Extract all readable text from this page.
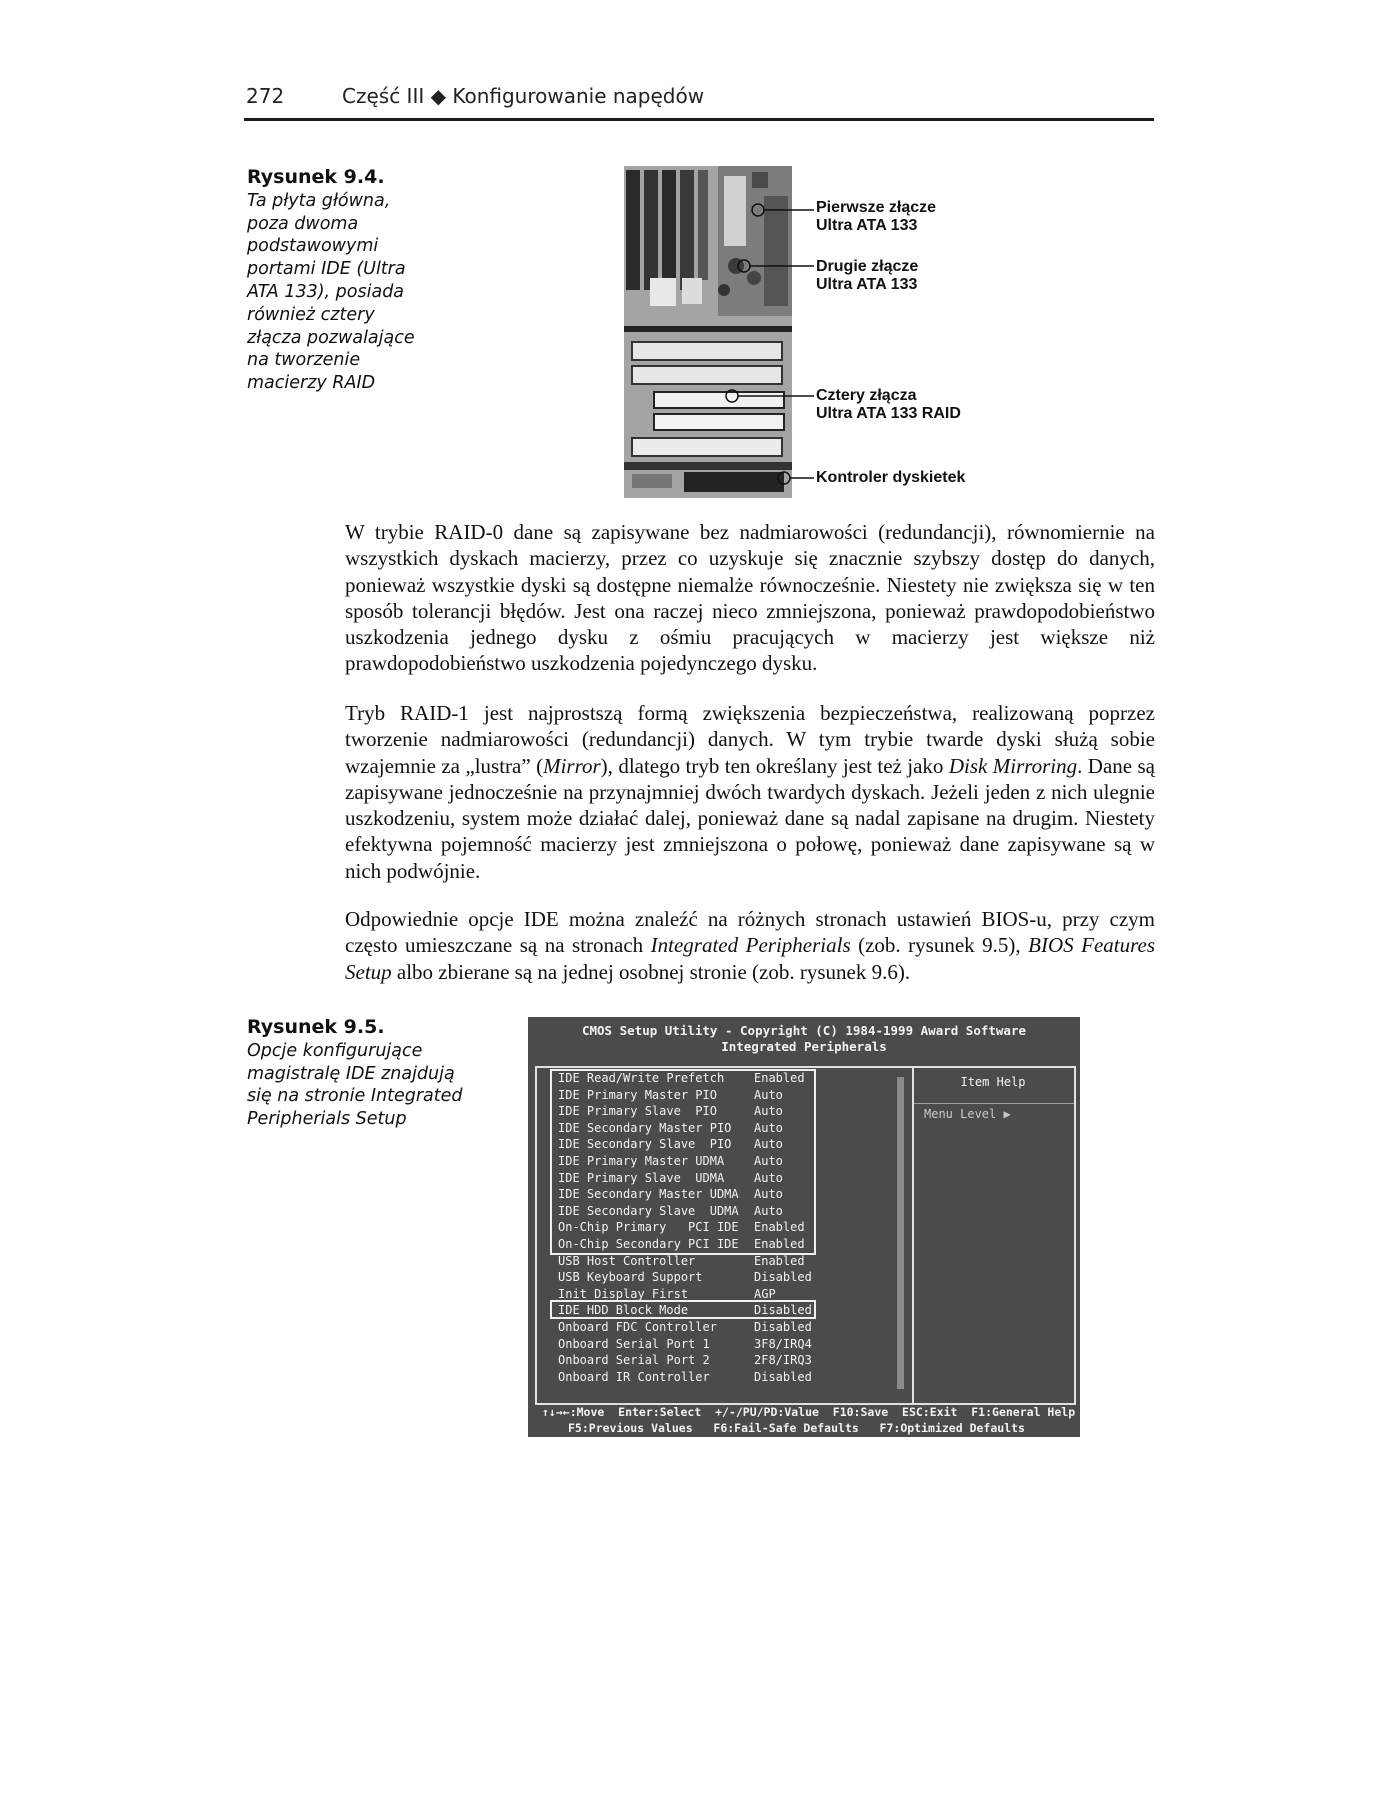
272	Część III ◆ Konfigurowanie napędów
Rysunek 9.4.
Ta płyta główna, poza dwoma podstawowymi portami IDE (Ultra ATA 133), posiada również cztery złącza pozwalające na tworzenie macierzy RAID
Pierwsze złącze
Ultra ATA 133
Drugie złącze
Ultra ATA 133
Cztery złącza
Ultra ATA 133 RAID
Kontroler dyskietek

W trybie RAID-0 dane są zapisywane bez nadmiarowości (redundancji), równomiernie na wszystkich dyskach macierzy, przez co uzyskuje się znacznie szybszy dostęp do danych, ponieważ wszystkie dyski są dostępne niemalże równocześnie. Niestety nie zwiększa się w ten sposób tolerancji błędów. Jest ona raczej nieco zmniejszona, ponieważ prawdopodobieństwo uszkodzenia jednego dysku z ośmiu pracujących w macierzy jest większe niż prawdopodobieństwo uszkodzenia pojedynczego dysku.

Tryb RAID-1 jest najprostszą formą zwiększenia bezpieczeństwa, realizowaną poprzez tworzenie nadmiarowości (redundancji) danych. W tym trybie twarde dyski służą sobie wzajemnie za „lustra” (Mirror), dlatego tryb ten określany jest też jako Disk Mirroring. Dane są zapisywane jednocześnie na przynajmniej dwóch twardych dyskach. Jeżeli jeden z nich ulegnie uszkodzeniu, system może działać dalej, ponieważ dane są nadal zapisane na drugim. Niestety efektywna pojemność macierzy jest zmniejszona o połowę, ponieważ dane zapisywane są w nich podwójnie.

Odpowiednie opcje IDE można znaleźć na różnych stronach ustawień BIOS-u, przy czym często umieszczane są na stronach Integrated Peripherials (zob. rysunek 9.5), BIOS Features Setup albo zbierane są na jednej osobnej stronie (zob. rysunek 9.6).

Rysunek 9.5.
Opcje konfigurujące magistralę IDE znajdują się na stronie Integrated Peripherials Setup
CMOS Setup Utility - Copyright (C) 1984-1999 Award Software
Integrated Peripherals
IDE Read/Write Prefetch Enabled
IDE Primary Master PIO	Auto
IDE Primary Slave  PIO	Auto
IDE Secondary Master PIO Auto
IDE Secondary Slave  PIO Auto
IDE Primary Master UDMA Auto
IDE Primary Slave  UDMA Auto
IDE Secondary Master UDMA Auto
IDE Secondary Slave  UDMA Auto
On-Chip Primary   PCI IDE Enabled
On-Chip Secondary PCI IDE Enabled
USB Host Controller	Enabled
USB Keyboard Support	Disabled
Init Display First	AGP
IDE HDD Block Mode	Disabled
Onboard FDC Controller	Disabled
Onboard Serial Port 1	3F8/IRQ4
Onboard Serial Port 2	2F8/IRQ3
Onboard IR Controller	Disabled
Item Help
Menu Level ▶
↑↓→←:Move  Enter:Select  +/-/PU/PD:Value  F10:Save  ESC:Exit  F1:General Help
F5:Previous Values   F6:Fail-Safe Defaults   F7:Optimized Defaults
